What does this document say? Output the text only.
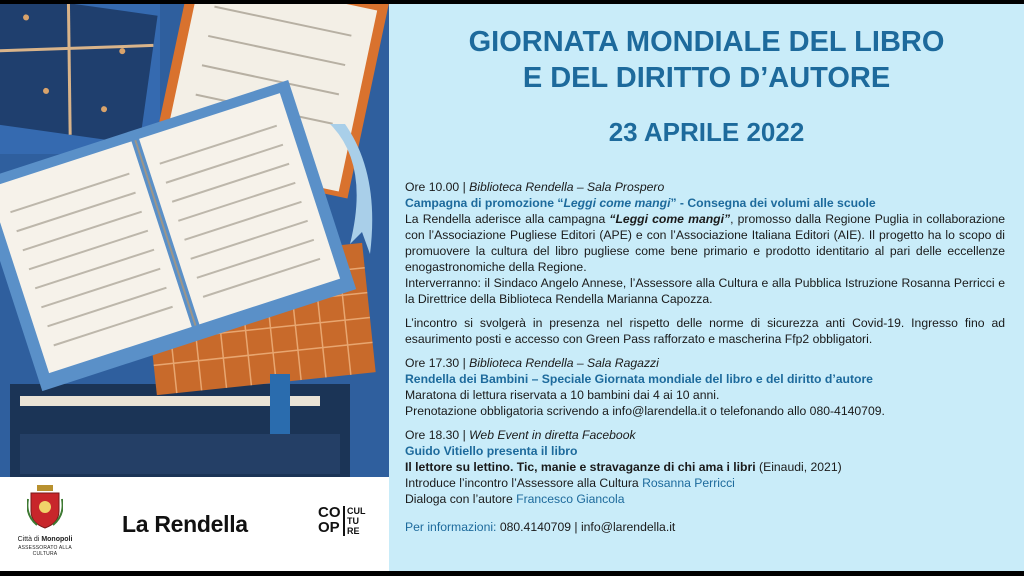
Città di Monopoli
ASSESSORATO ALLA CULTURA
La Rendella	CO
OP
CUL
TU
RE
GIORNATA MONDIALE DEL LIBRO
E DEL DIRITTO D’AUTORE
23 APRILE 2022

Ore 10.00 | Biblioteca Rendella – Sala Prospero

Campagna di promozione “Leggi come mangi” - Consegna dei volumi alle scuole

La Rendella aderisce alla campagna “Leggi come mangi”, promosso dalla Regione Puglia in collaborazione con l’Associazione Pugliese Editori (APE) e con l’Associazione Italiana Editori (AIE). Il progetto ha lo scopo di promuovere la cultura del libro pugliese come bene primario e prodotto identitario al pari delle eccellenze enogastronomiche della Regione.

Interverranno: il Sindaco Angelo Annese, l’Assessore alla Cultura e alla Pubblica Istruzione Rosanna Perricci e la Direttrice della Biblioteca Rendella Marianna Capozza.

L’incontro si svolgerà in presenza nel rispetto delle norme di sicurezza anti Covid-19. Ingresso fino ad esaurimento posti e accesso con Green Pass rafforzato e mascherina Ffp2 obbligatori.

Ore 17.30 | Biblioteca Rendella – Sala Ragazzi

Rendella dei Bambini – Speciale Giornata mondiale del libro e del diritto d’autore

Maratona di lettura riservata a 10 bambini dai 4 ai 10 anni.

Prenotazione obbligatoria scrivendo a info@larendella.it o telefonando allo 080-4140709.

Ore 18.30 | Web Event in diretta Facebook

Guido Vitiello presenta il libro

Il lettore su lettino. Tic, manie e stravaganze di chi ama i libri (Einaudi, 2021)

Introduce l’incontro l’Assessore alla Cultura Rosanna Perricci

Dialoga con l’autore Francesco Giancola

Per informazioni: 080.4140709 | info@larendella.it
